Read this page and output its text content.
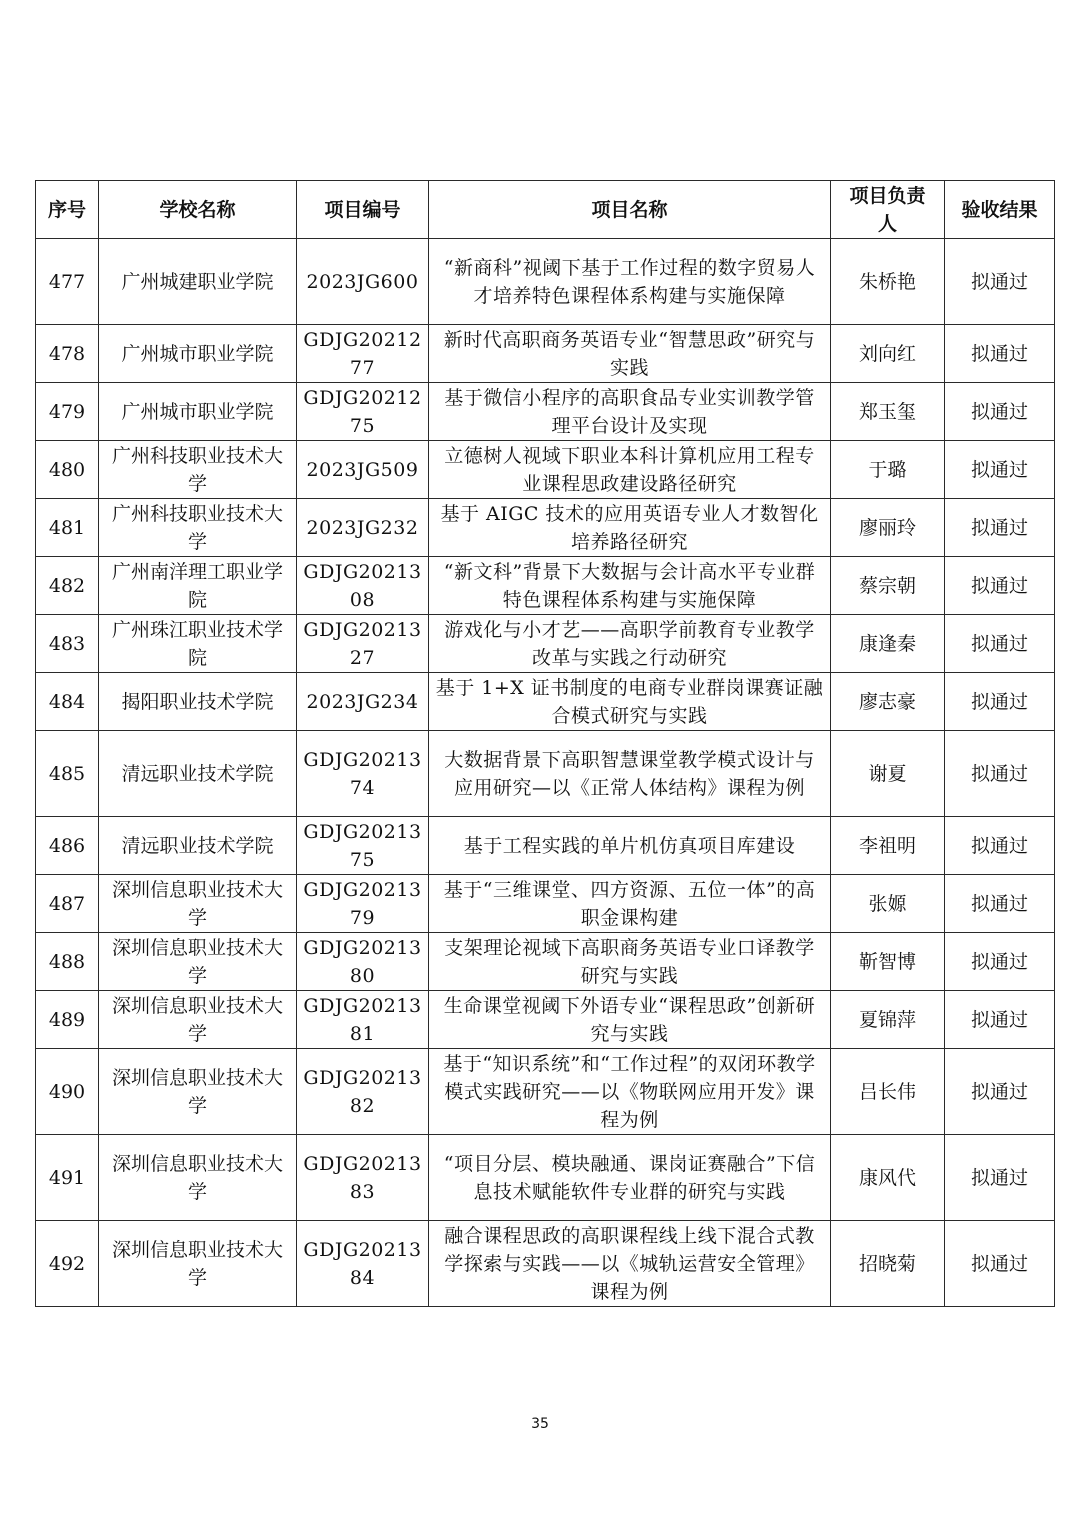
序号	学校名称	项目编号	项目名称	项目负责人	验收结果
477	广州城建职业学院	2023JG600	“新商科”视阈下基于工作过程的数字贸易人才培养特色课程体系构建与实施保障	朱桥艳	拟通过
478	广州城市职业学院	GDJG2021277	新时代高职商务英语专业“智慧思政”研究与实践	刘向红	拟通过
479	广州城市职业学院	GDJG2021275	基于微信小程序的高职食品专业实训教学管理平台设计及实现	郑玉玺	拟通过
480	广州科技职业技术大学	2023JG509	立德树人视域下职业本科计算机应用工程专业课程思政建设路径研究	于璐	拟通过
481	广州科技职业技术大学	2023JG232	基于 AIGC 技术的应用英语专业人才数智化培养路径研究	廖丽玲	拟通过
482	广州南洋理工职业学院	GDJG2021308	“新文科”背景下大数据与会计高水平专业群特色课程体系构建与实施保障	蔡宗朝	拟通过
483	广州珠江职业技术学院	GDJG2021327	游戏化与小才艺——高职学前教育专业教学改革与实践之行动研究	康逢秦	拟通过
484	揭阳职业技术学院	2023JG234	基于 1+X 证书制度的电商专业群岗课赛证融合模式研究与实践	廖志豪	拟通过
485	清远职业技术学院	GDJG2021374	大数据背景下高职智慧课堂教学模式设计与应用研究—以《正常人体结构》课程为例	谢夏	拟通过
486	清远职业技术学院	GDJG2021375	基于工程实践的单片机仿真项目库建设	李祖明	拟通过
487	深圳信息职业技术大学	GDJG2021379	基于“三维课堂、四方资源、五位一体”的高职金课构建	张嫄	拟通过
488	深圳信息职业技术大学	GDJG2021380	支架理论视域下高职商务英语专业口译教学研究与实践	靳智博	拟通过
489	深圳信息职业技术大学	GDJG2021381	生命课堂视阈下外语专业“课程思政”创新研究与实践	夏锦萍	拟通过
490	深圳信息职业技术大学	GDJG2021382	基于“知识系统”和“工作过程”的双闭环教学模式实践研究——以《物联网应用开发》课程为例	吕长伟	拟通过
491	深圳信息职业技术大学	GDJG2021383	“项目分层、模块融通、课岗证赛融合”下信息技术赋能软件专业群的研究与实践	康风代	拟通过
492	深圳信息职业技术大学	GDJG2021384	融合课程思政的高职课程线上线下混合式教学探索与实践——以《城轨运营安全管理》课程为例	招晓菊	拟通过
35
